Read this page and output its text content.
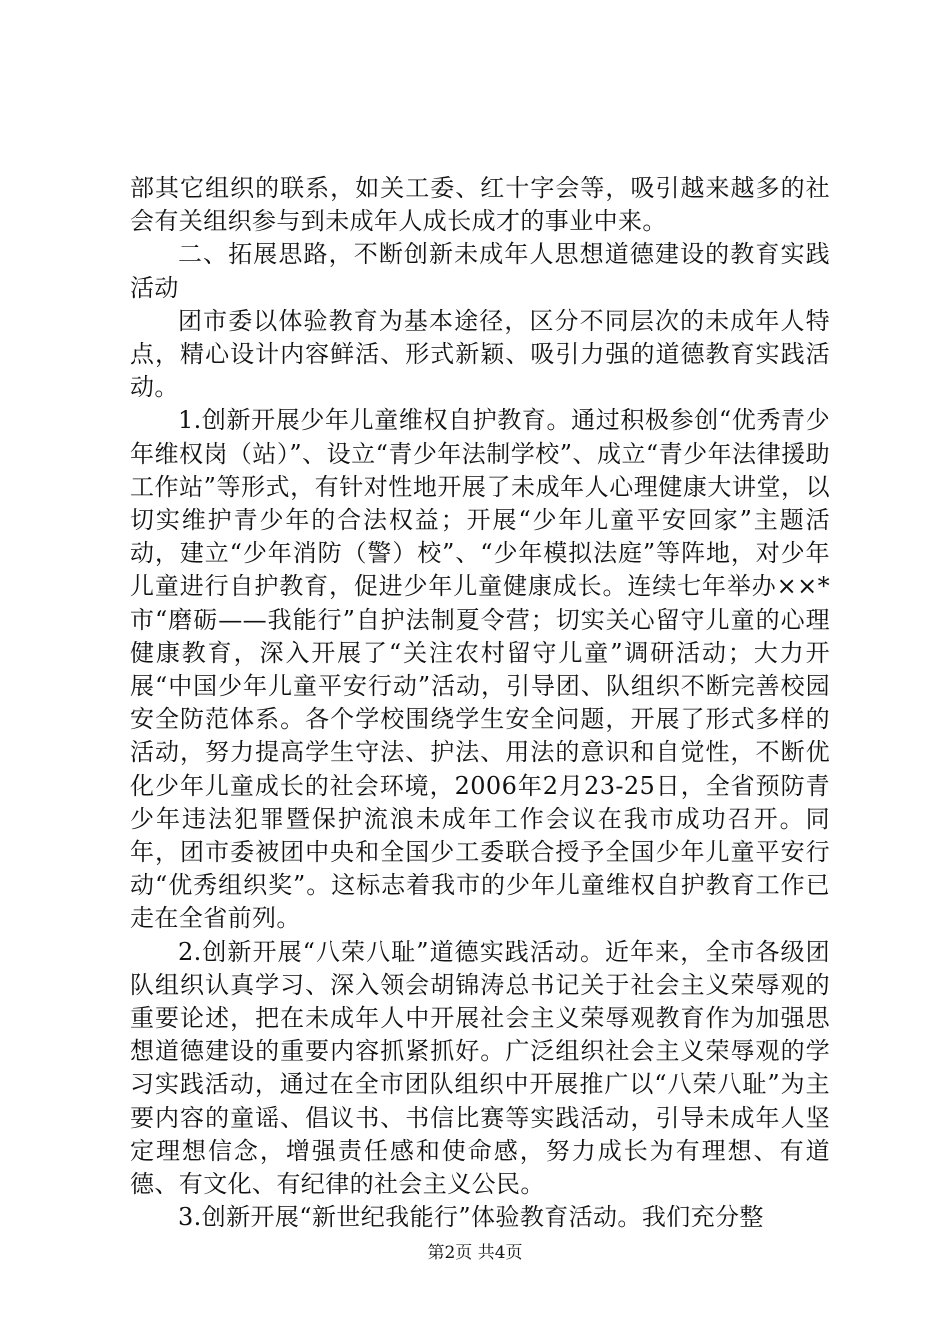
部其它组织的联系，如关工委、红十字会等，吸引越来越多的社会有关组织参与到未成年人成长成才的事业中来。

二、拓展思路，不断创新未成年人思想道德建设的教育实践活动

团市委以体验教育为基本途径，区分不同层次的未成年人特点，精心设计内容鲜活、形式新颖、吸引力强的道德教育实践活动。

1.创新开展少年儿童维权自护教育。通过积极参创“优秀青少年维权岗（站）”、设立“青少年法制学校”、成立“青少年法律援助工作站”等形式，有针对性地开展了未成年人心理健康大讲堂，以切实维护青少年的合法权益；开展“少年儿童平安回家”主题活动，建立“少年消防（警）校”、“少年模拟法庭”等阵地，对少年儿童进行自护教育，促进少年儿童健康成长。连续七年举办××*市“磨砺——我能行”自护法制夏令营；切实关心留守儿童的心理健康教育，深入开展了“关注农村留守儿童”调研活动；大力开展“中国少年儿童平安行动”活动，引导团、队组织不断完善校园安全防范体系。各个学校围绕学生安全问题，开展了形式多样的活动，努力提高学生守法、护法、用法的意识和自觉性，不断优化少年儿童成长的社会环境，2006年2月23-25日，全省预防青少年违法犯罪暨保护流浪未成年工作会议在我市成功召开。同年，团市委被团中央和全国少工委联合授予全国少年儿童平安行动“优秀组织奖”。这标志着我市的少年儿童维权自护教育工作已走在全省前列。

2.创新开展“八荣八耻”道德实践活动。近年来，全市各级团队组织认真学习、深入领会胡锦涛总书记关于社会主义荣辱观的重要论述，把在未成年人中开展社会主义荣辱观教育作为加强思想道德建设的重要内容抓紧抓好。广泛组织社会主义荣辱观的学习实践活动，通过在全市团队组织中开展推广以“八荣八耻”为主要内容的童谣、倡议书、书信比赛等实践活动，引导未成年人坚定理想信念，增强责任感和使命感，努力成长为有理想、有道德、有文化、有纪律的社会主义公民。

3.创新开展“新世纪我能行”体验教育活动。我们充分整

第2页 共4页
